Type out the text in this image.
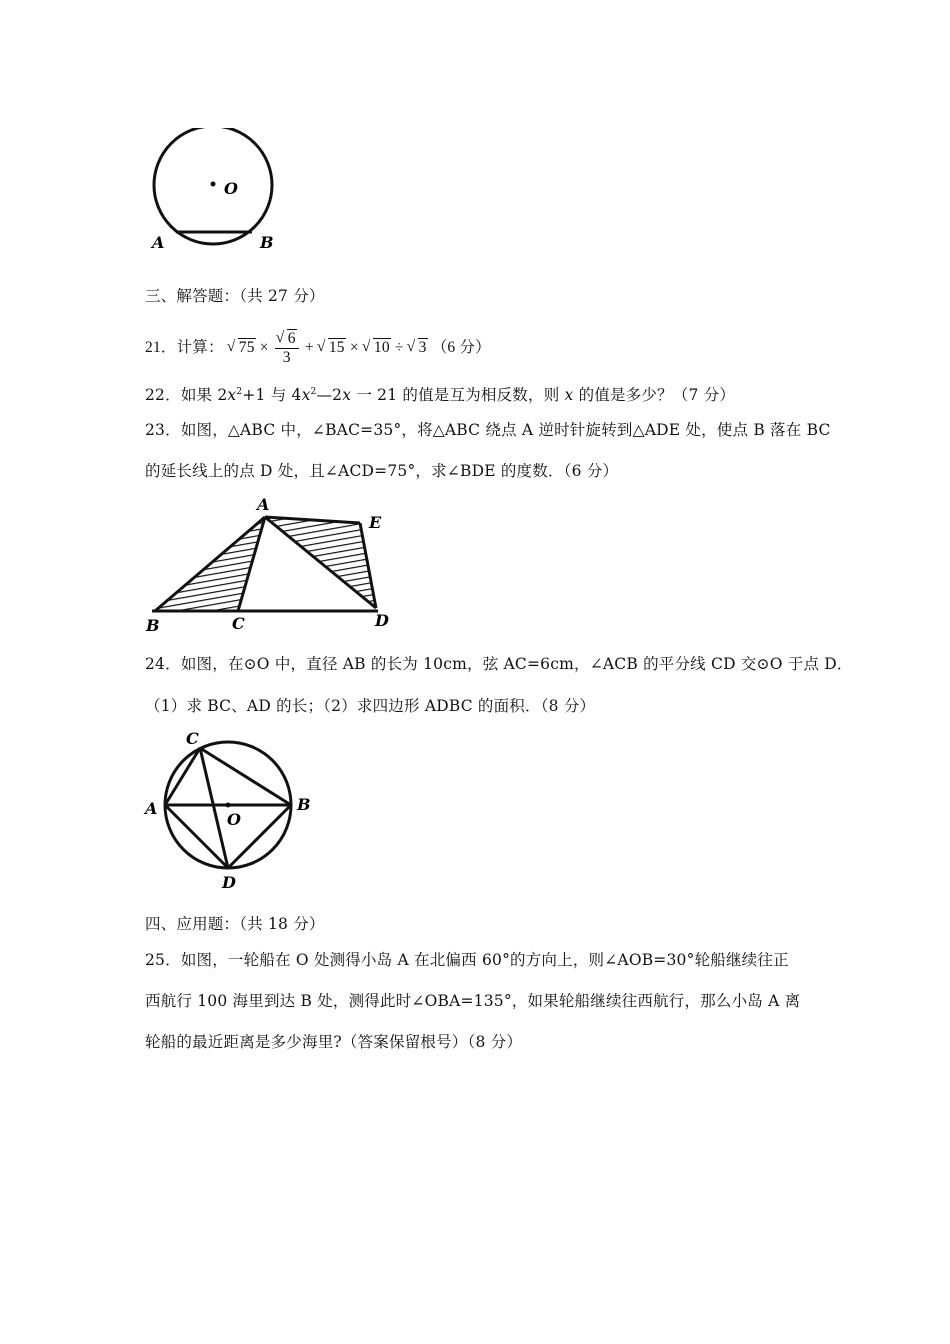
O
A	B
三、解答题：（共 27 分）
21．计算： √ 75 × √ $\frac{6}{3}$ + √ 15 × √ 10 ÷ √ 3 （6 分）
22．如果 $2x^2+1$ 与 $4x^2—2x$ 一 21 的值是互为相反数，则 x 的值是多少？（7 分）
23．如图，△ABC 中，∠BAC=35°，将△ABC 绕点 A 逆时针旋转到△ADE 处，使点 B 落在 BC
的延长线上的点 D 处，且∠ACD=75°，求∠BDE 的度数．（6 分）
A
E
B	C	D
24．如图，在⊙O 中，直径 AB 的长为 10cm，弦 AC=6cm，∠ACB 的平分线 CD 交⊙O 于点 D．
（1）求 BC、AD 的长；（2）求四边形 ADBC 的面积．（8 分）
C
A	B
O
D
四、应用题：（共 18 分）
25．如图，一轮船在 O 处测得小岛 A 在北偏西 60°的方向上，则∠AOB=30°轮船继续往正
西航行 100 海里到达 B 处，测得此时∠OBA=135°，如果轮船继续往西航行，那么小岛 A 离
轮船的最近距离是多少海里?（答案保留根号）（8 分）
